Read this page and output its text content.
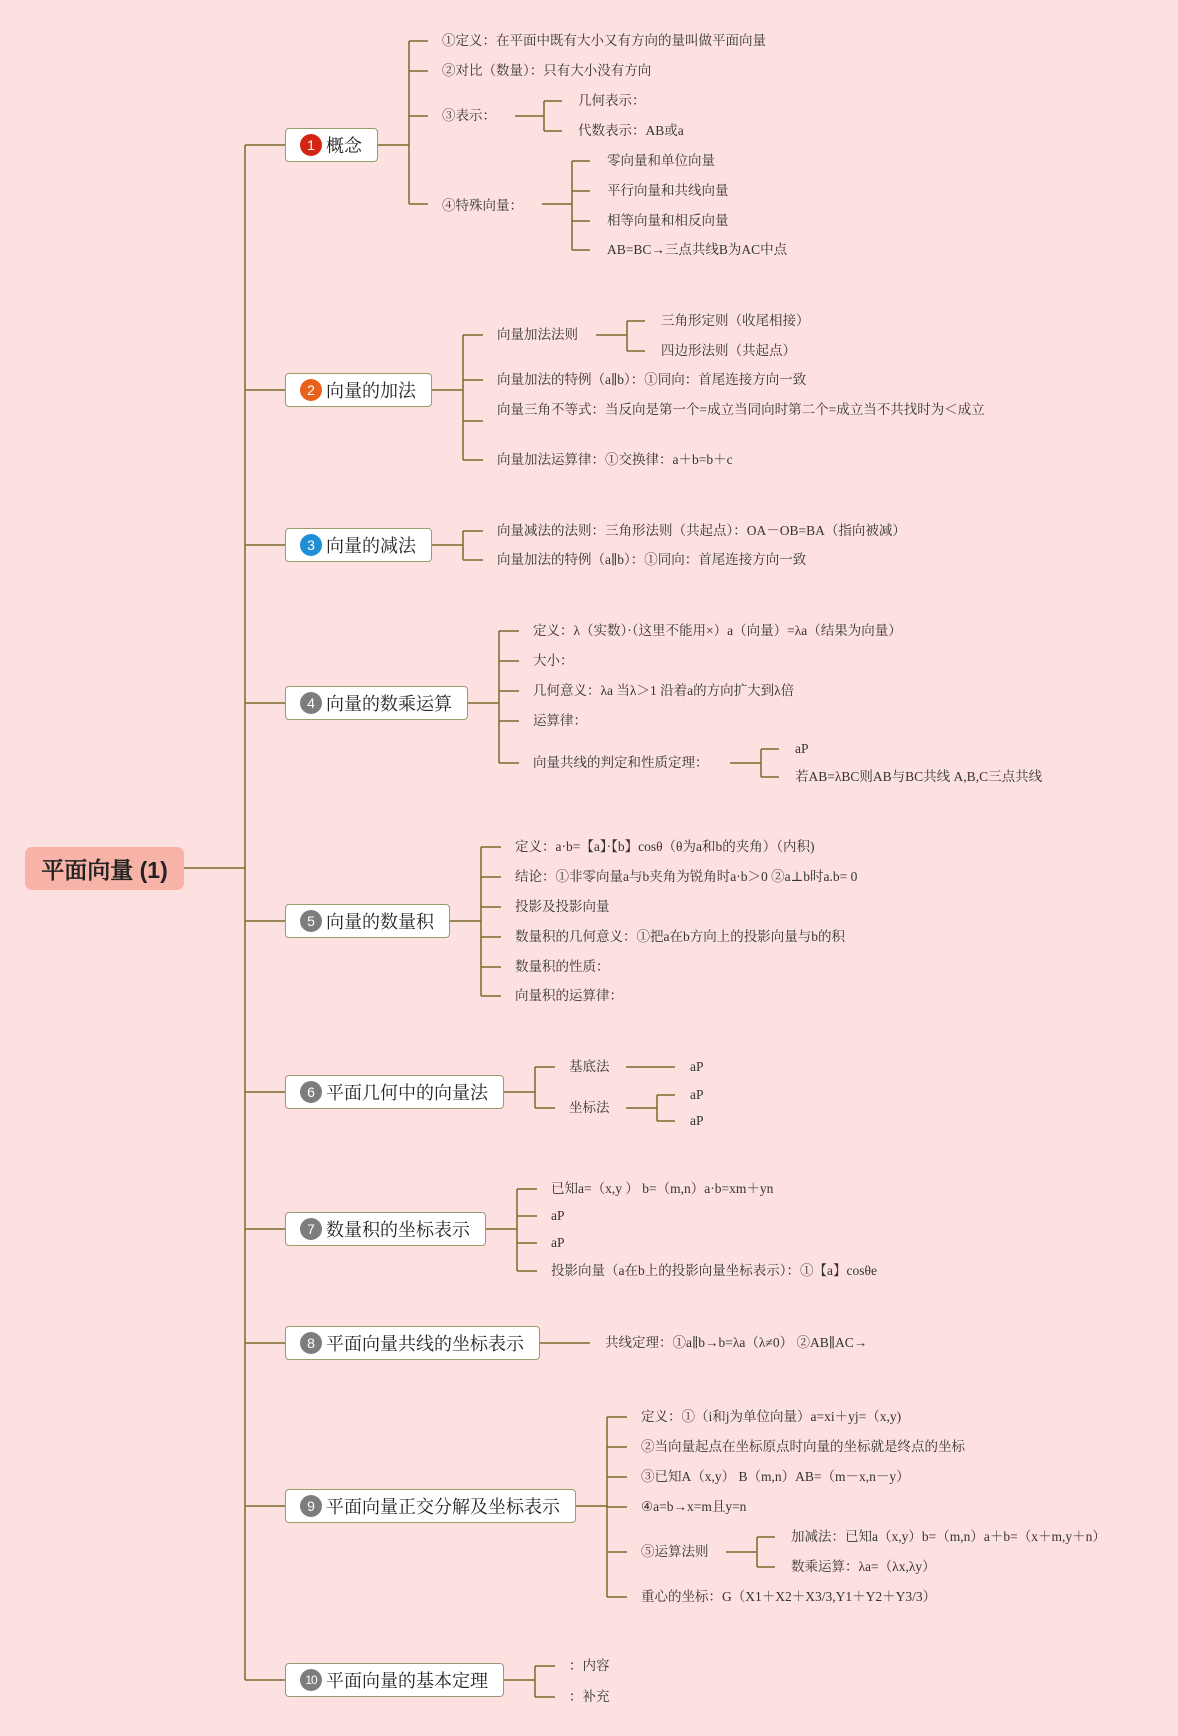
平面向量 (1)
1 概念
2 向量的加法
3 向量的减法
4 向量的数乘运算
5 向量的数量积
6 平面几何中的向量法
7 数量积的坐标表示
8 平面向量共线的坐标表示
9 平面向量正交分解及坐标表示
10 平面向量的基本定理
①定义：在平面中既有大小又有方向的量叫做平面向量
②对比（数量）：只有大小没有方向
③表示：
几何表示：
代数表示：AB或a
④特殊向量：
零向量和单位向量
平行向量和共线向量
相等向量和相反向量
AB=BC→三点共线B为AC中点
向量加法法则
三角形定则（收尾相接）
四边形法则（共起点）
向量加法的特例（a∥b）：①同向：首尾连接方向一致
向量三角不等式：当反向是第一个=成立当同向时第二个=成立当不共找时为＜成立
向量加法运算律：①交换律：a＋b=b＋c
向量减法的法则：三角形法则（共起点）：OA－OB=BA（指向被减）
向量加法的特例（a∥b）：①同向：首尾连接方向一致
定义：λ（实数）·（这里不能用×）a（向量）=λa（结果为向量）
大小：
几何意义：λa 当λ＞1 沿着a的方向扩大到λ倍
运算律：
向量共线的判定和性质定理：
aP
若AB=λBC则AB与BC共线 A,B,C三点共线
定义：a·b=【a】·【b】cosθ（θ为a和b的夹角）（内积)
结论：①非零向量a与b夹角为锐角时a·b＞0 ②a⊥b时a.b= 0
投影及投影向量
数量积的几何意义：①把a在b方向上的投影向量与b的积
数量积的性质：
向量积的运算律：
基底法	aP
坐标法
aP
aP
已知a=（x,y ） b=（m,n）a·b=xm＋yn
aP
aP
投影向量（a在b上的投影向量坐标表示）：①【a】cosθe
共线定理：①a∥b→b=λa（λ≠0） ②AB∥AC→
定义：①（i和j为单位向量）a=xi＋yj=（x,y)
②当向量起点在坐标原点时向量的坐标就是终点的坐标
③已知A（x,y） B（m,n）AB=（m－x,n－y）
④a=b→x=m且y=n
⑤运算法则
加减法：已知a（x,y）b=（m,n）a＋b=（x＋m,y＋n）
数乘运算：λa=（λx,λy）
重心的坐标：G（X1＋X2＋X3/3,Y1＋Y2＋Y3/3）
：内容
：补充
